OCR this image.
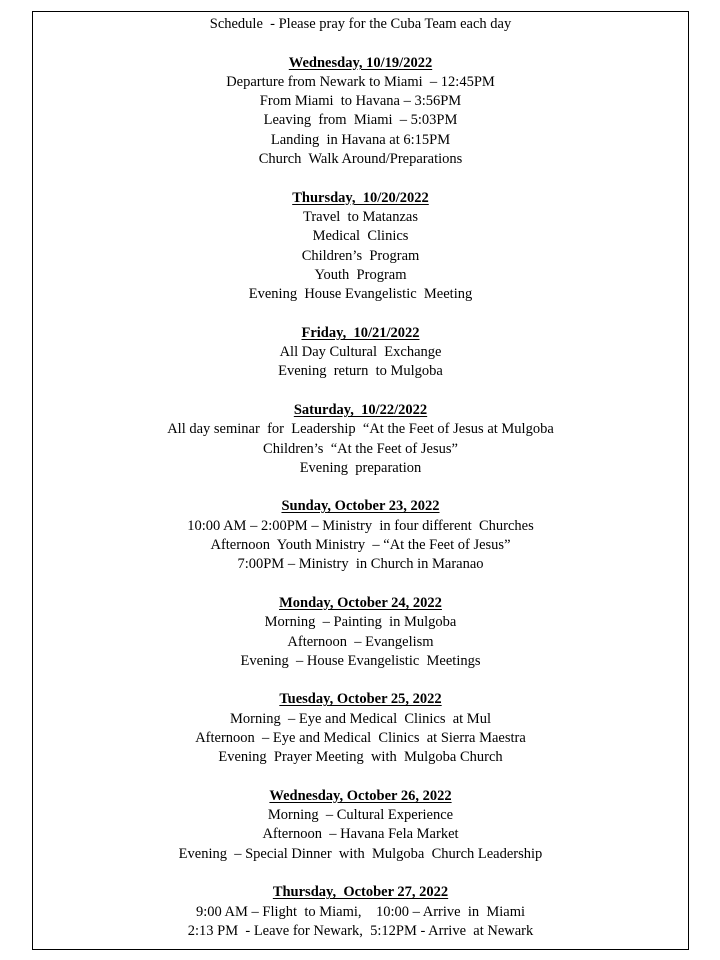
Schedule  - Please pray for the Cuba Team each day

Wednesday, 10/19/2022

Departure from Newark to Miami  – 12:45PM

From Miami  to Havana – 3:56PM

Leaving  from  Miami  – 5:03PM

Landing  in Havana at 6:15PM

Church  Walk Around/Preparations

Thursday,  10/20/2022

Travel  to Matanzas

Medical  Clinics

Children’s  Program

Youth  Program

Evening  House Evangelistic  Meeting

Friday,  10/21/2022

All Day Cultural  Exchange

Evening  return  to Mulgoba

Saturday,  10/22/2022

All day seminar  for  Leadership  “At the Feet of Jesus at Mulgoba

Children’s  “At the Feet of Jesus”

Evening  preparation

Sunday, October 23, 2022

10:00 AM – 2:00PM – Ministry  in four different  Churches

Afternoon  Youth Ministry  – “At the Feet of Jesus”

7:00PM – Ministry  in Church in Maranao

Monday, October 24, 2022

Morning  – Painting  in Mulgoba

Afternoon  – Evangelism

Evening  – House Evangelistic  Meetings

Tuesday, October 25, 2022

Morning  – Eye and Medical  Clinics  at Mul

Afternoon  – Eye and Medical  Clinics  at Sierra Maestra

Evening  Prayer Meeting  with  Mulgoba Church

Wednesday, October 26, 2022

Morning  – Cultural Experience

Afternoon  – Havana Fela Market

Evening  – Special Dinner  with  Mulgoba  Church Leadership

Thursday,  October 27, 2022

9:00 AM – Flight  to Miami,    10:00 – Arrive  in  Miami

2:13 PM  - Leave for Newark,  5:12PM - Arrive  at Newark
